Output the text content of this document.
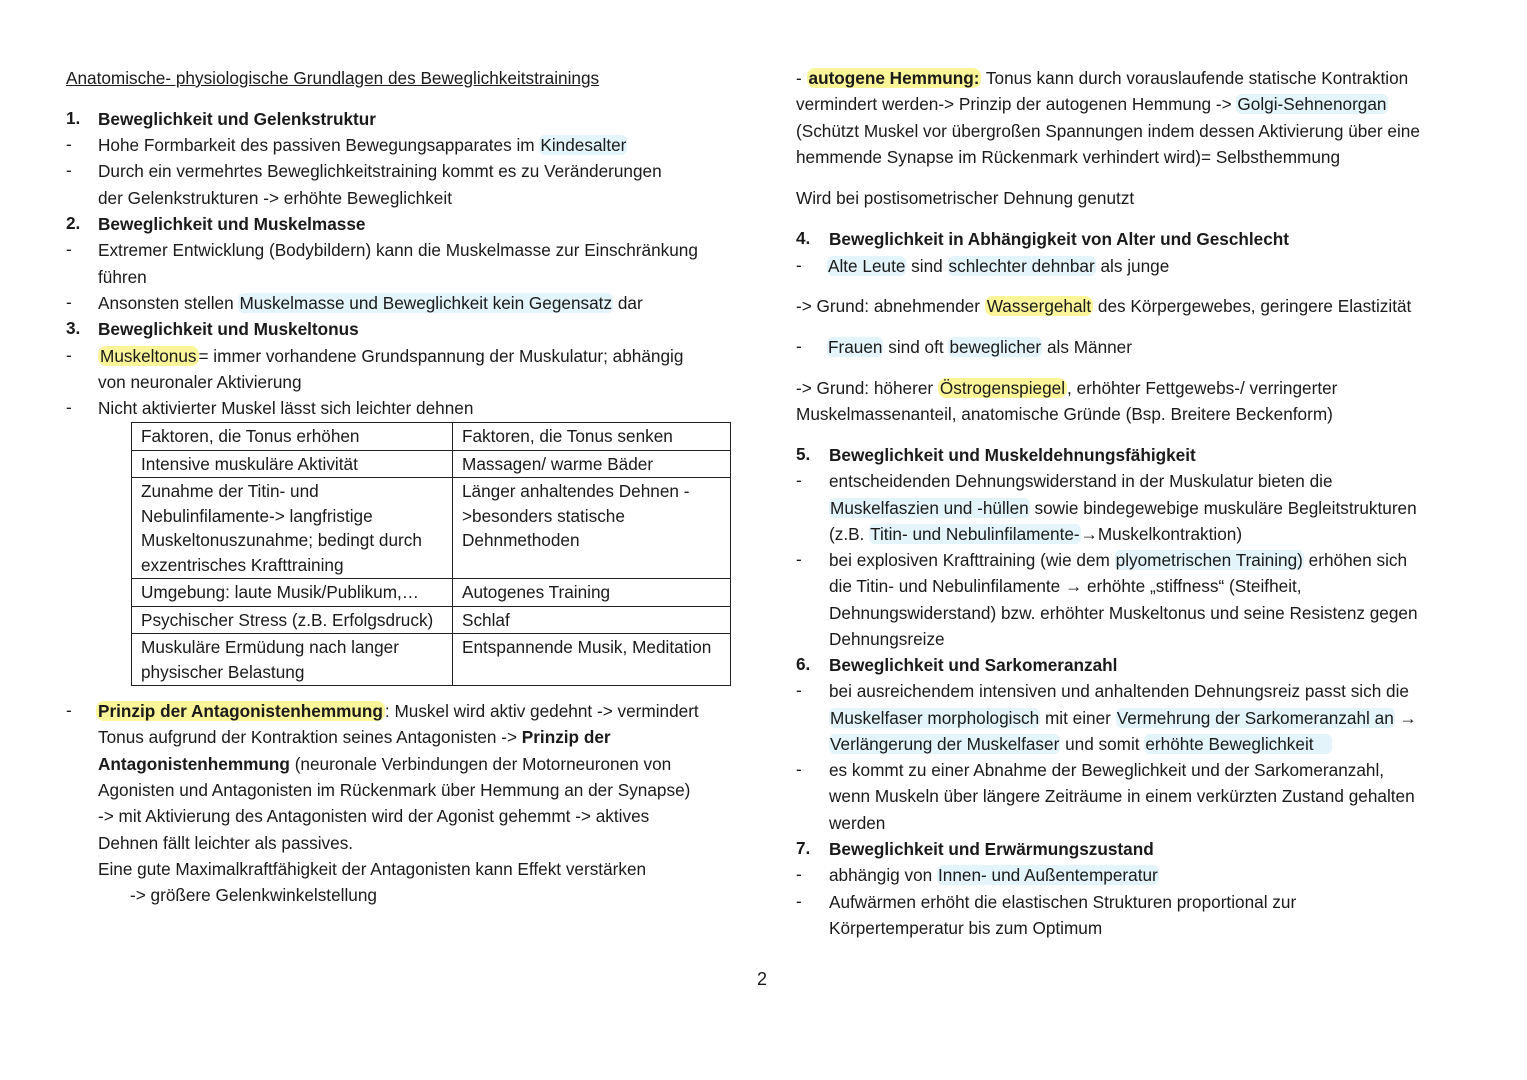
Anatomische- physiologische Grundlagen des Beweglichkeitstrainings
1. Beweglichkeit und Gelenkstruktur
- Hohe Formbarkeit des passiven Bewegungsapparates im Kindesalter
- Durch ein vermehrtes Beweglichkeitstraining kommt es zu Veränderungen
der Gelenkstrukturen -> erhöhte Beweglichkeit
2. Beweglichkeit und Muskelmasse
- Extremer Entwicklung (Bodybildern) kann die Muskelmasse zur Einschränkung
führen
- Ansonsten stellen Muskelmasse und Beweglichkeit kein Gegensatz dar
3. Beweglichkeit und Muskeltonus
- Muskeltonus = immer vorhandene Grundspannung der Muskulatur; abhängig
von neuronaler Aktivierung
- Nicht aktivierter Muskel lässt sich leichter dehnen
Faktoren, die Tonus erhöhen	Faktoren, die Tonus senken
Intensive muskuläre Aktivität	Massagen/ warme Bäder
Zunahme der Titin- und Nebulinfilamente-> langfristige Muskeltonuszunahme; bedingt durch exzentrisches Krafttraining	Länger anhaltendes Dehnen ->besonders statische Dehnmethoden
Umgebung: laute Musik/Publikum,…	Autogenes Training
Psychischer Stress (z.B. Erfolgsdruck)	Schlaf
Muskuläre Ermüdung nach langer physischer Belastung	Entspannende Musik, Meditation
- Prinzip der Antagonistenhemmung : Muskel wird aktiv gedehnt -> vermindert
Tonus aufgrund der Kontraktion seines Antagonisten -> Prinzip der
Antagonistenhemmung (neuronale Verbindungen der Motorneuronen von
Agonisten und Antagonisten im Rückenmark über Hemmung an der Synapse)
-> mit Aktivierung des Antagonisten wird der Agonist gehemmt -> aktives
Dehnen fällt leichter als passives.
Eine gute Maximalkraftfähigkeit der Antagonisten kann Effekt verstärken
-> größere Gelenkwinkelstellung
- autogene Hemmung: Tonus kann durch vorauslaufende statische Kontraktion
vermindert werden-> Prinzip der autogenen Hemmung -> Golgi-Sehnenorgan
(Schützt Muskel vor übergroßen Spannungen indem dessen Aktivierung über eine
hemmende Synapse im Rückenmark verhindert wird)= Selbsthemmung
Wird bei postisometrischer Dehnung genutzt
4. Beweglichkeit in Abhängigkeit von Alter und Geschlecht
- Alte Leute sind schlechter dehnbar als junge
-> Grund: abnehmender Wassergehalt des Körpergewebes, geringere Elastizität
- Frauen sind oft beweglicher als Männer
-> Grund: höherer Östrogenspiegel , erhöhter Fettgewebs-/ verringerter
Muskelmassenanteil, anatomische Gründe (Bsp. Breitere Beckenform)
5. Beweglichkeit und Muskeldehnungsfähigkeit
- entscheidenden Dehnungswiderstand in der Muskulatur bieten die
Muskelfaszien und -hüllen sowie bindegewebige muskuläre Begleitstrukturen
(z.B. Titin- und Nebulinfilamente-→Muskelkontraktion)
- bei explosiven Krafttraining (wie dem plyometrischen Training) erhöhen sich
die Titin- und Nebulinfilamente → erhöhte „stiffness“ (Steifheit,
Dehnungswiderstand) bzw. erhöhter Muskeltonus und seine Resistenz gegen
Dehnungsreize
6. Beweglichkeit und Sarkomeranzahl
- bei ausreichendem intensiven und anhaltenden Dehnungsreiz passt sich die
Muskelfaser morphologisch mit einer Vermehrung der Sarkomeranzahl an →
Verlängerung der Muskelfaser und somit erhöhte Beweglichkeit
- es kommt zu einer Abnahme der Beweglichkeit und der Sarkomeranzahl,
wenn Muskeln über längere Zeiträume in einem verkürzten Zustand gehalten
werden
7. Beweglichkeit und Erwärmungszustand
- abhängig von Innen- und Außentemperatur
- Aufwärmen erhöht die elastischen Strukturen proportional zur
Körpertemperatur bis zum Optimum
2
